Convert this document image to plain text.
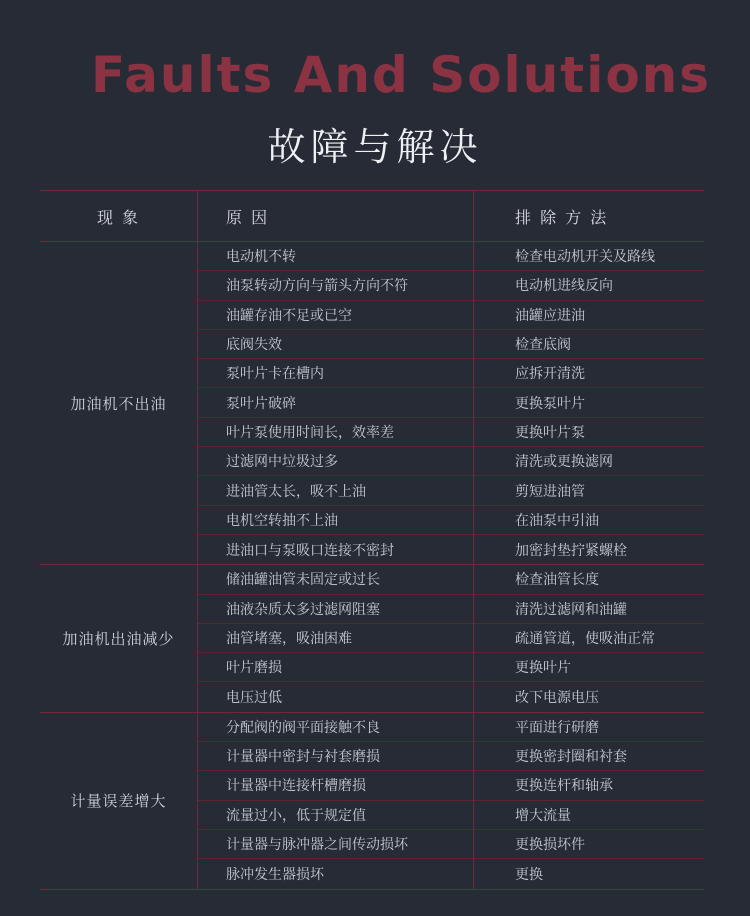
Faults And Solutions
故障与解决
现 象	原 因	排 除 方 法
加油机不出油
电动机不转	检查电动机开关及路线
油泵转动方向与箭头方向不符	电动机进线反向
油罐存油不足或已空	油罐应进油
底阀失效	检查底阀
泵叶片卡在槽内	应拆开清洗
泵叶片破碎	更换泵叶片
叶片泵使用时间长，效率差	更换叶片泵
过滤网中垃圾过多	清洗或更换滤网
进油管太长，吸不上油	剪短进油管
电机空转抽不上油	在油泵中引油
进油口与泵吸口连接不密封	加密封垫拧紧螺栓
加油机出油减少
储油罐油管未固定或过长	检查油管长度
油液杂质太多过滤网阻塞	清洗过滤网和油罐
油管堵塞，吸油困难	疏通管道，使吸油正常
叶片磨损	更换叶片
电压过低	改下电源电压
计量误差增大
分配阀的阀平面接触不良	平面进行研磨
计量器中密封与衬套磨损	更换密封圈和衬套
计量器中连接杆槽磨损	更换连杆和轴承
流量过小，低于规定值	增大流量
计量器与脉冲器之间传动损坏	更换损坏件
脉冲发生器损坏	更换
